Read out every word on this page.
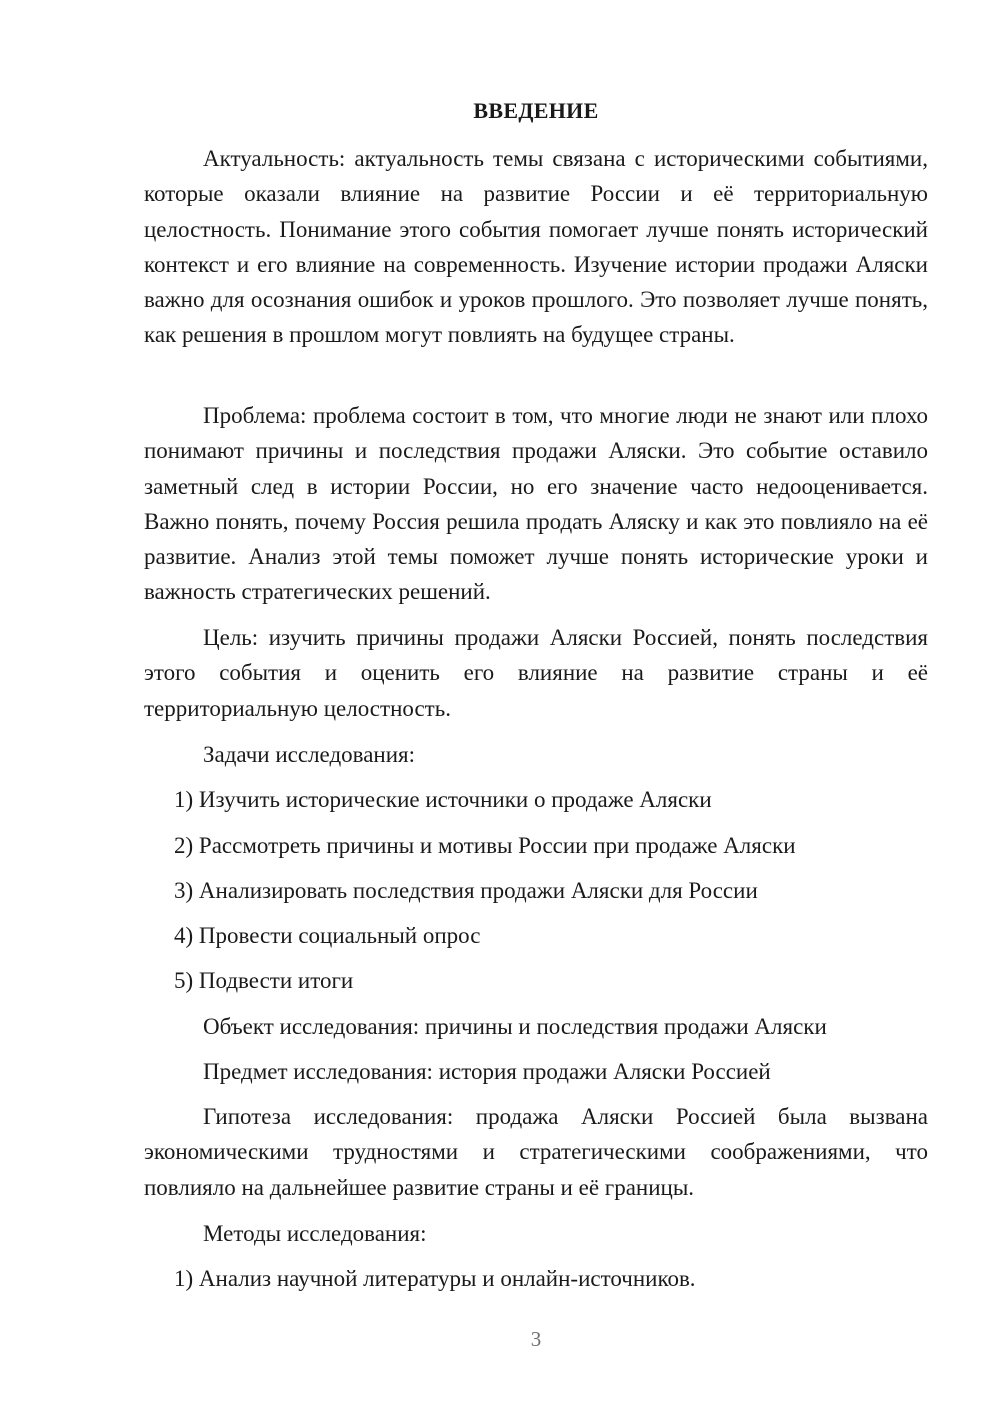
ВВЕДЕНИЕ

Актуальность: актуальность темы связана с историческими событиями, которые оказали влияние на развитие России и её территориальную целостность. Понимание этого события помогает лучше понять исторический контекст и его влияние на современность. Изучение истории продажи Аляски важно для осознания ошибок и уроков прошлого. Это позволяет лучше понять, как решения в прошлом могут повлиять на будущее страны.

Проблема: проблема состоит в том, что многие люди не знают или плохо понимают причины и последствия продажи Аляски. Это событие оставило заметный след в истории России, но его значение часто недооценивается. Важно понять, почему Россия решила продать Аляску и как это повлияло на её развитие. Анализ этой темы поможет лучше понять исторические уроки и важность стратегических решений.

Цель: изучить причины продажи Аляски Россией, понять последствия этого события и оценить его влияние на развитие страны и её территориальную целостность.

Задачи исследования:

1) Изучить исторические источники о продаже Аляски

2) Рассмотреть причины и мотивы России при продаже Аляски

3) Анализировать последствия продажи Аляски для России

4) Провести социальный опрос

5) Подвести итоги

Объект исследования: причины и последствия продажи Аляски

Предмет исследования: история продажи Аляски Россией

Гипотеза исследования: продажа Аляски Россией была вызвана экономическими трудностями и стратегическими соображениями, что повлияло на дальнейшее развитие страны и её границы.

Методы исследования:

1) Анализ научной литературы и онлайн-источников.

3
